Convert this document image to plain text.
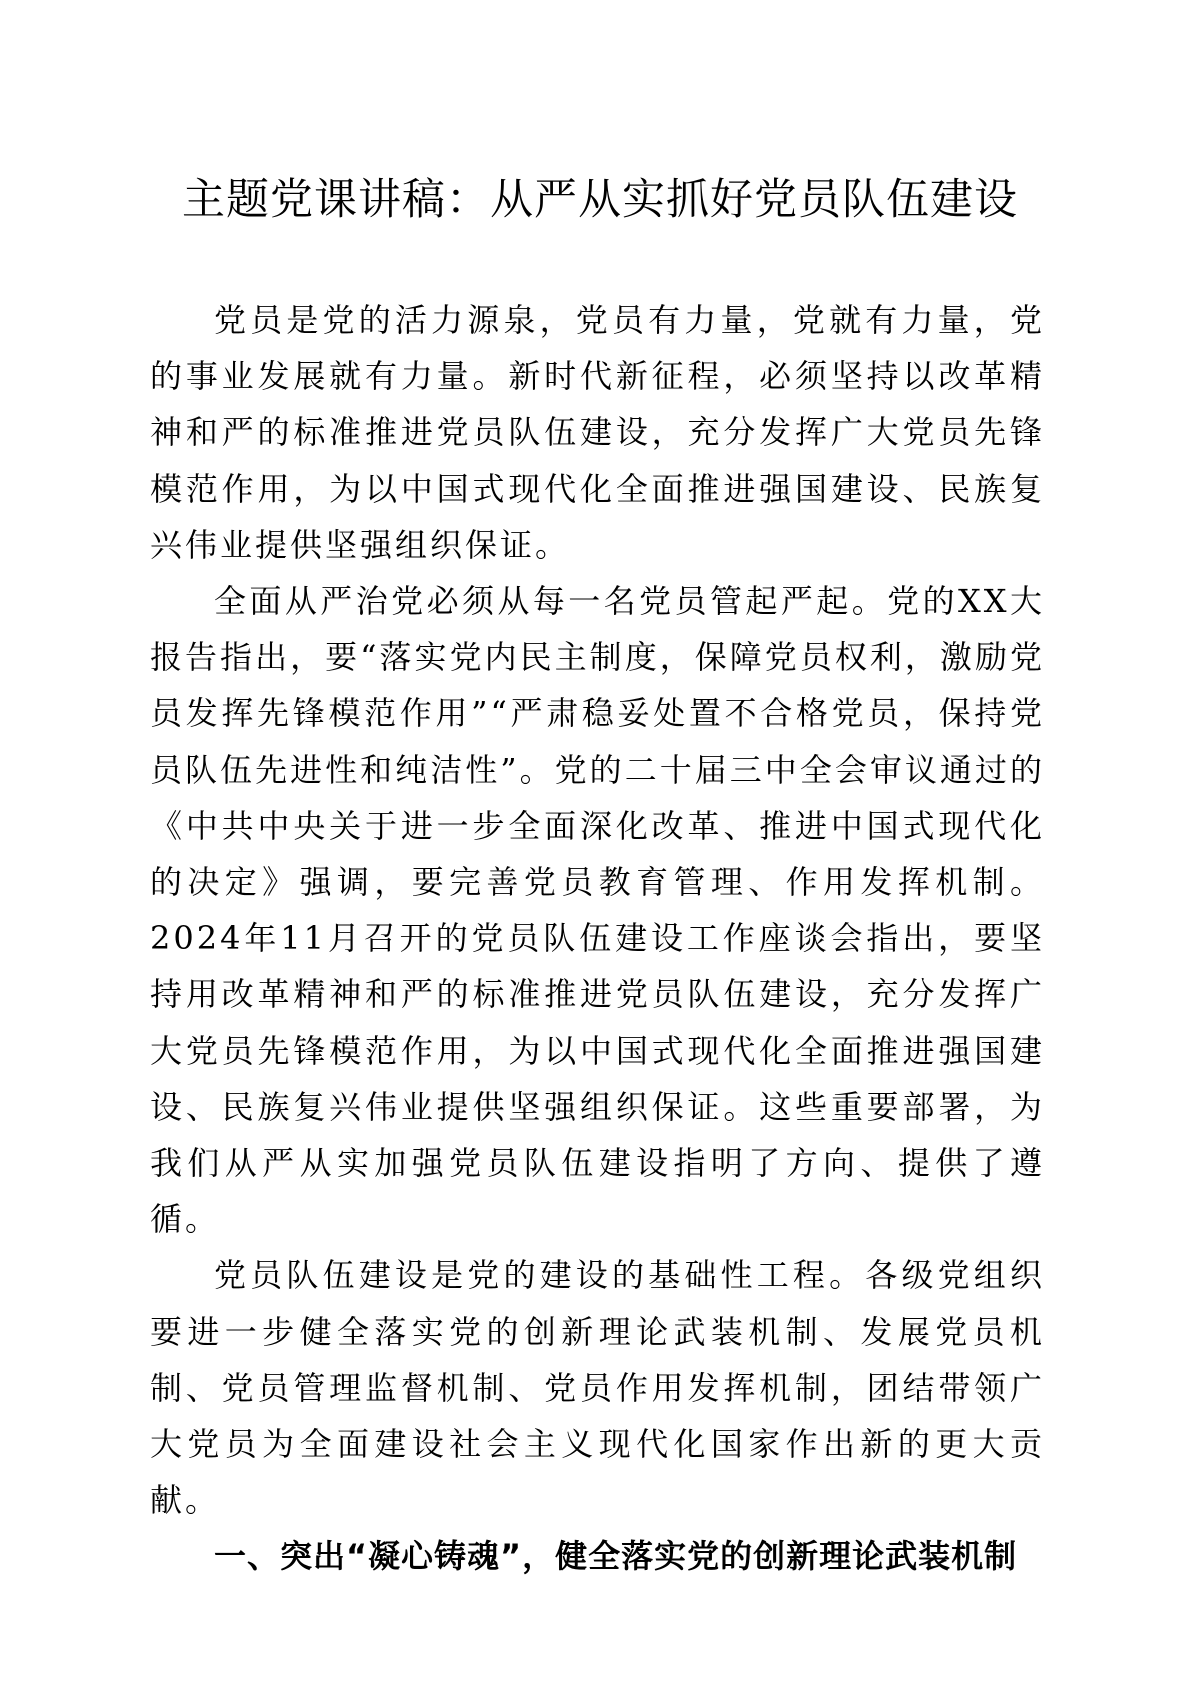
主题党课讲稿：从严从实抓好党员队伍建设

党员是党的活力源泉，党员有力量，党就有力量，党的事业发展就有力量。新时代新征程，必须坚持以改革精神和严的标准推进党员队伍建设，充分发挥广大党员先锋模范作用，为以中国式现代化全面推进强国建设、民族复兴伟业提供坚强组织保证。

全面从严治党必须从每一名党员管起严起。党的XX大报告指出，要“落实党内民主制度，保障党员权利，激励党员发挥先锋模范作用”“严肃稳妥处置不合格党员，保持党员队伍先进性和纯洁性”。党的二十届三中全会审议通过的《中共中央关于进一步全面深化改革、推进中国式现代化的决定》强调，要完善党员教育管理、作用发挥机制。2024年11月召开的党员队伍建设工作座谈会指出，要坚持用改革精神和严的标准推进党员队伍建设，充分发挥广大党员先锋模范作用，为以中国式现代化全面推进强国建设、民族复兴伟业提供坚强组织保证。这些重要部署，为我们从严从实加强党员队伍建设指明了方向、提供了遵循。

党员队伍建设是党的建设的基础性工程。各级党组织要进一步健全落实党的创新理论武装机制、发展党员机制、党员管理监督机制、党员作用发挥机制，团结带领广大党员为全面建设社会主义现代化国家作出新的更大贡献。

一、突出“凝心铸魂”，健全落实党的创新理论武装机制
